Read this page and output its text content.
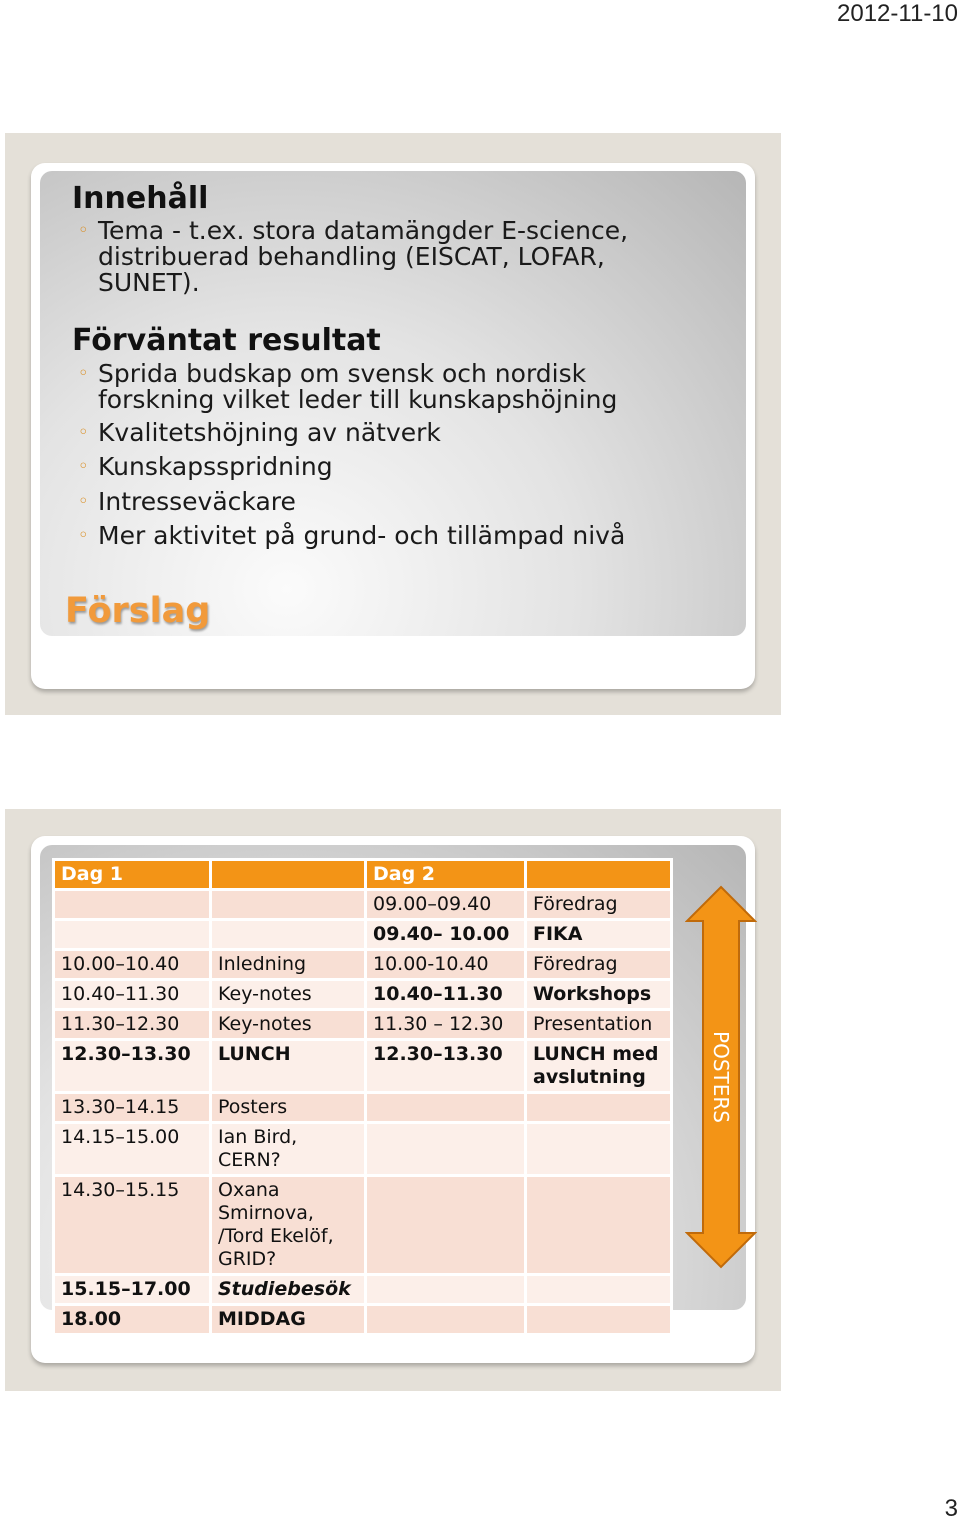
2012-11-10
Innehåll
◦ Tema - t.ex. stora datamängder E-science,
distribuerad behandling (EISCAT, LOFAR,
SUNET).
Förväntat resultat
◦ Sprida budskap om svensk och nordisk
forskning vilket leder till kunskapshöjning
◦ Kvalitetshöjning av nätverk
◦ Kunskapsspridning
◦ Intresseväckare
◦ Mer aktivitet på grund- och tillämpad nivå
Förslag
Dag 1		Dag 2	
		09.00–09.40	Föredrag
		09.40– 10.00	FIKA
10.00–10.40	Inledning	10.00-10.40	Föredrag
10.40–11.30	Key-notes	10.40–11.30	Workshops
11.30–12.30	Key-notes	11.30 – 12.30	Presentation
12.30–13.30	LUNCH	12.30–13.30	LUNCH med avslutning
13.30–14.15	Posters		
14.15–15.00	Ian Bird, CERN?		
14.30–15.15	Oxana Smirnova, /Tord Ekelöf, GRID?		
15.15–17.00	Studiebesök		
18.00	MIDDAG		
POSTERS
3
